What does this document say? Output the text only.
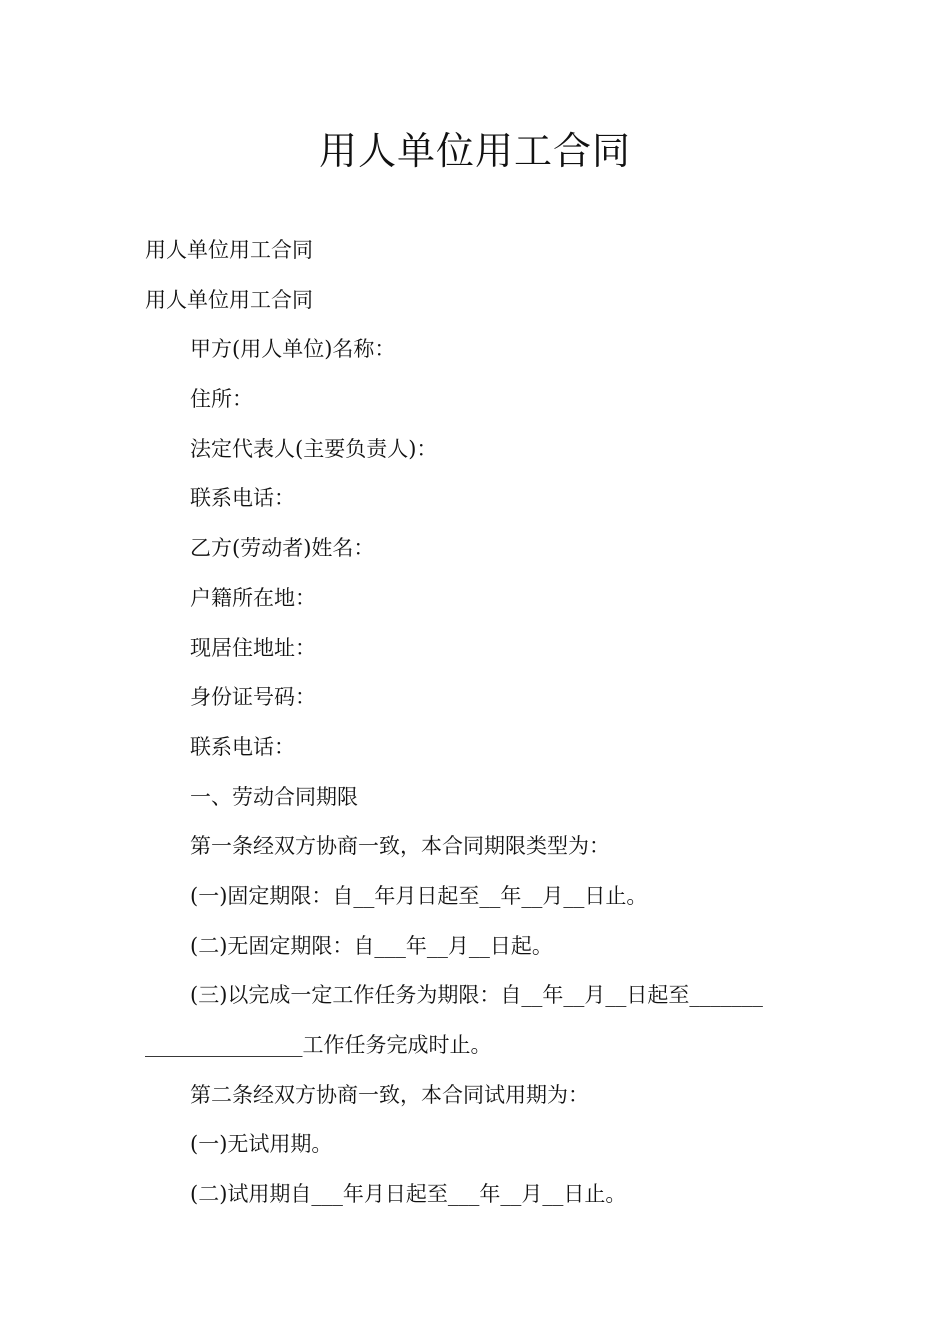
用人单位用工合同
用人单位用工合同
用人单位用工合同
甲方(用人单位)名称：
住所：
法定代表人(主要负责人)：
联系电话：
乙方(劳动者)姓名：
户籍所在地：
现居住地址：
身份证号码：
联系电话：
一、劳动合同期限
第一条经双方协商一致，本合同期限类型为：
(一)固定期限：自__年月日起至__年__月__日止。
(二)无固定期限：自___年__月__日起。
(三)以完成一定工作任务为期限：自__年__月__日起至_______
_______________工作任务完成时止。
第二条经双方协商一致，本合同试用期为：
(一)无试用期。
(二)试用期自___年月日起至___年__月__日止。
